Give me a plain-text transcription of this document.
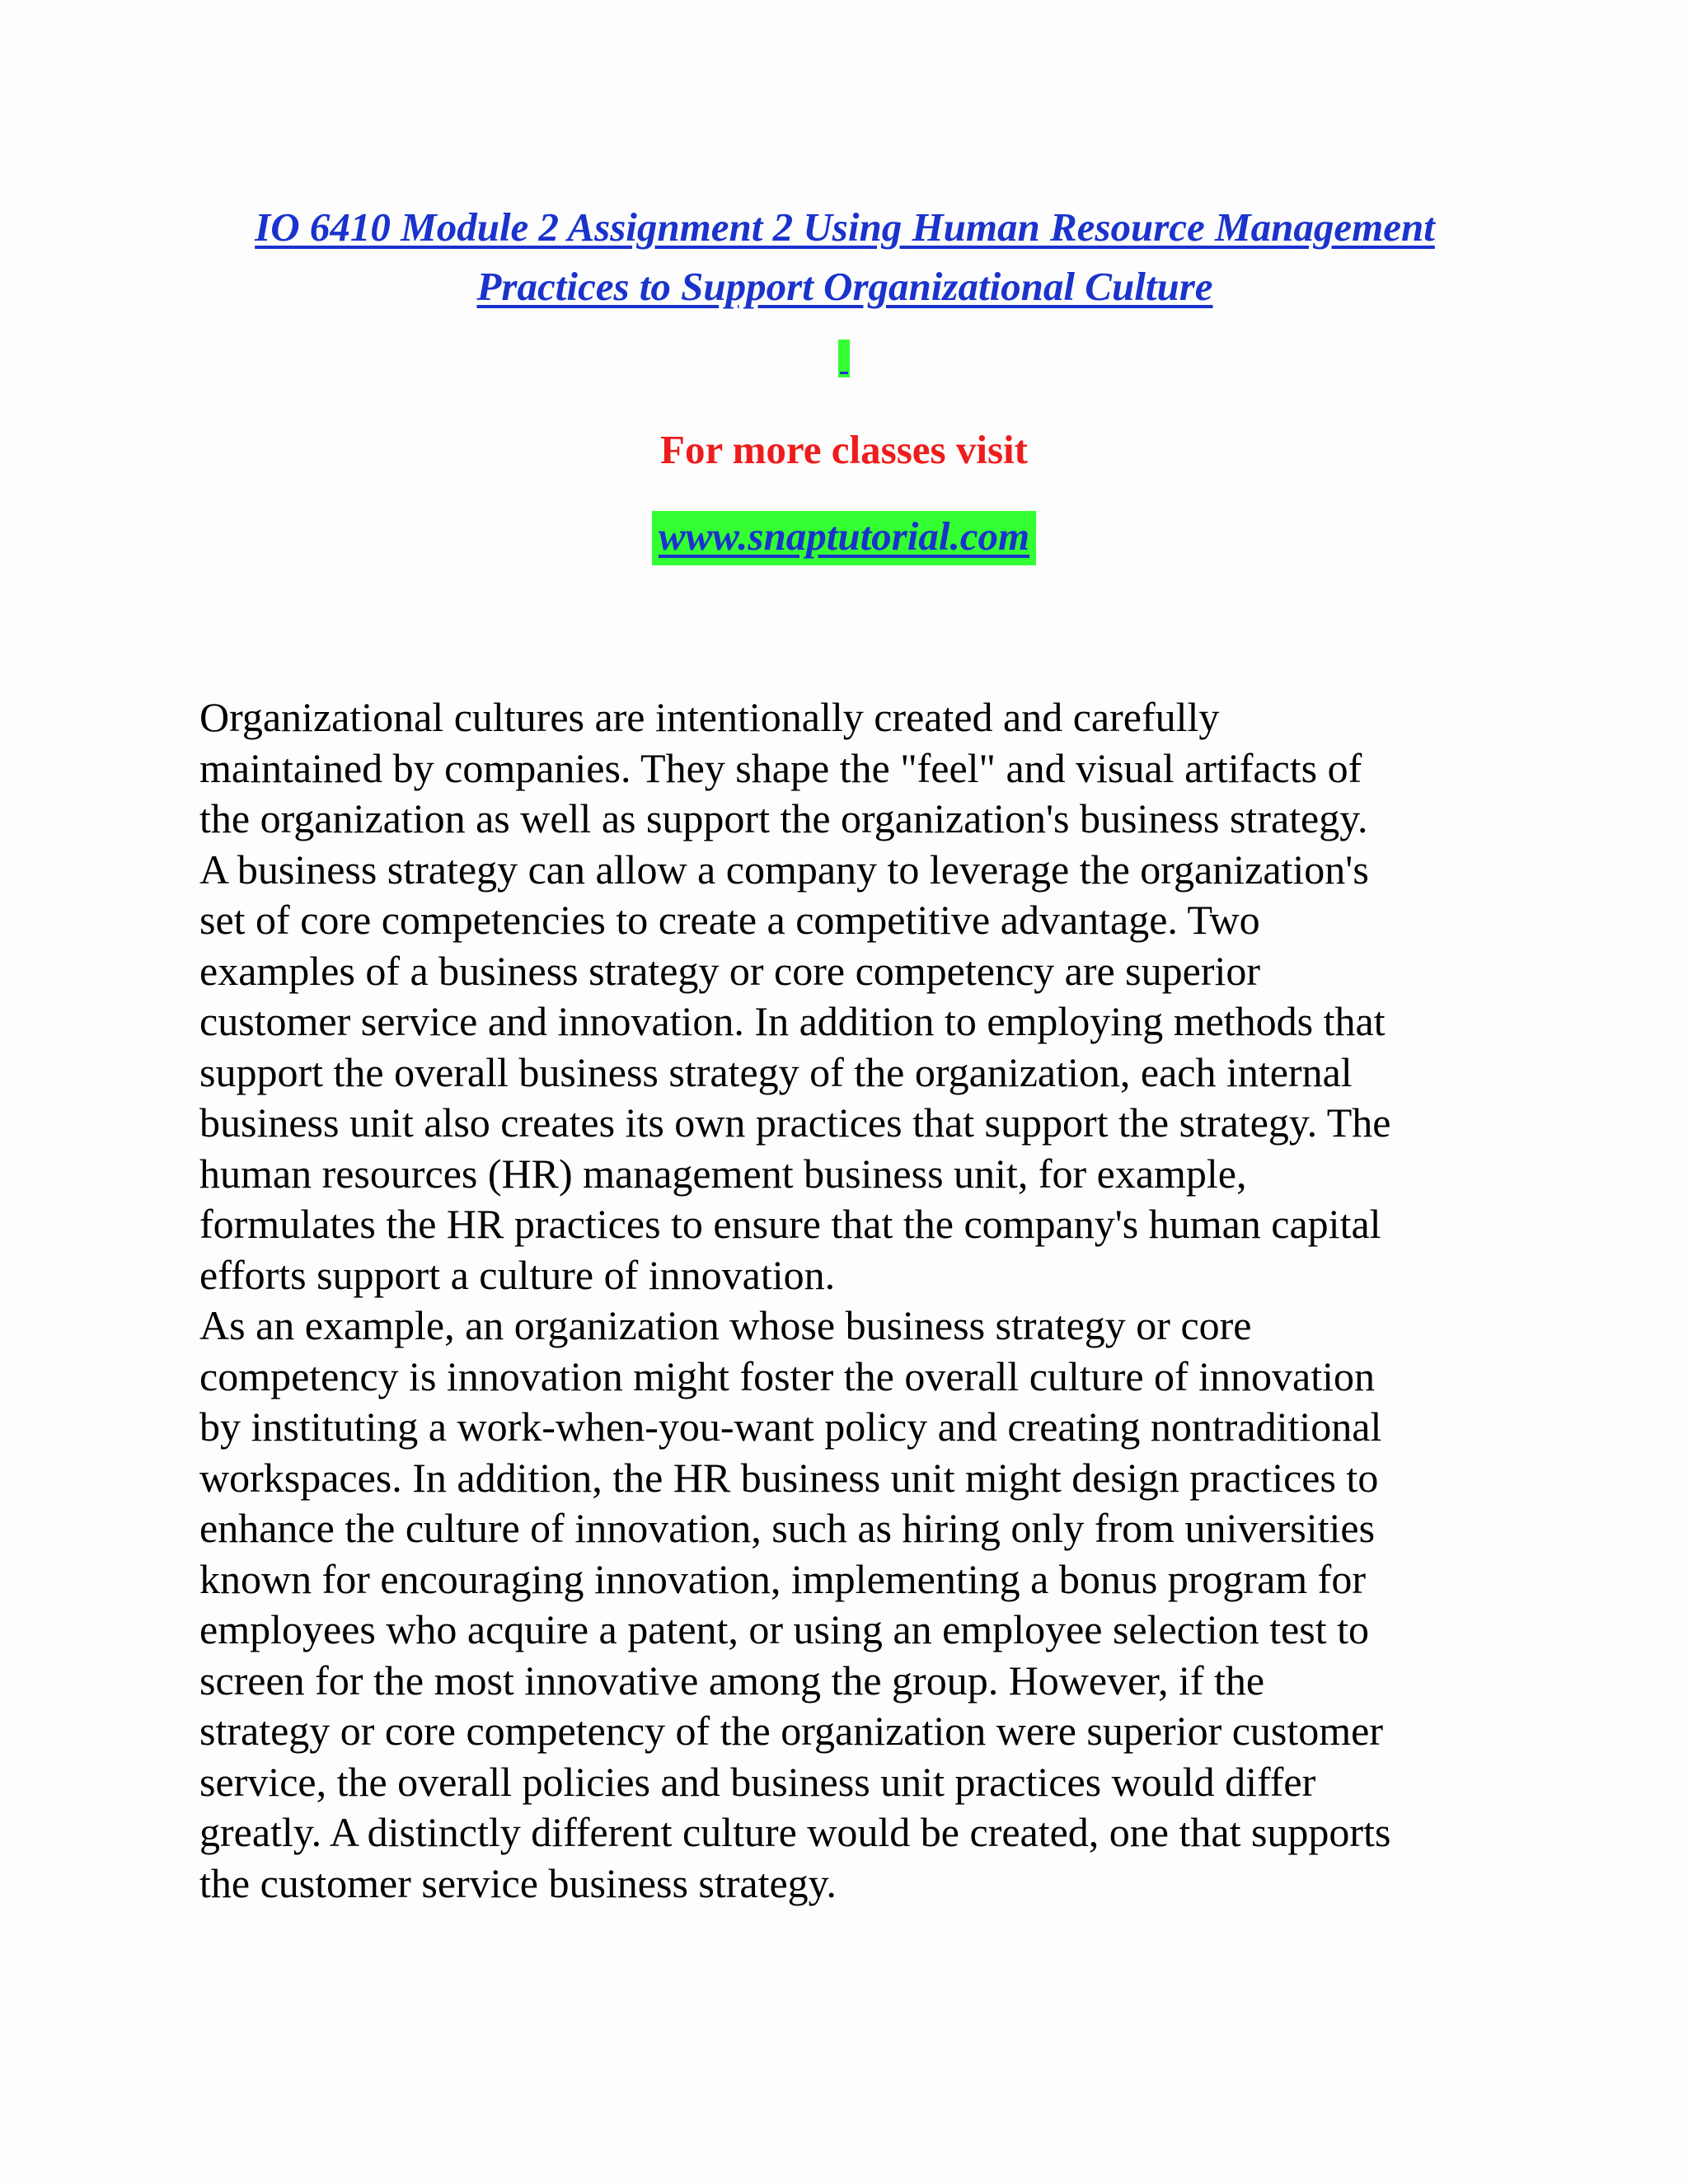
IO 6410 Module 2 Assignment 2 Using Human Resource Management
Practices to Support Organizational Culture

For more classes visit

www.snaptutorial.com
Organizational cultures are intentionally created and carefully
maintained by companies. They shape the "feel" and visual artifacts of
the organization as well as support the organization's business strategy.
A business strategy can allow a company to leverage the organization's
set of core competencies to create a competitive advantage. Two
examples of a business strategy or core competency are superior
customer service and innovation. In addition to employing methods that
support the overall business strategy of the organization, each internal
business unit also creates its own practices that support the strategy. The
human resources (HR) management business unit, for example,
formulates the HR practices to ensure that the company's human capital
efforts support a culture of innovation.
As an example, an organization whose business strategy or core
competency is innovation might foster the overall culture of innovation
by instituting a work-when-you-want policy and creating nontraditional
workspaces. In addition, the HR business unit might design practices to
enhance the culture of innovation, such as hiring only from universities
known for encouraging innovation, implementing a bonus program for
employees who acquire a patent, or using an employee selection test to
screen for the most innovative among the group. However, if the
strategy or core competency of the organization were superior customer
service, the overall policies and business unit practices would differ
greatly. A distinctly different culture would be created, one that supports
the customer service business strategy.
